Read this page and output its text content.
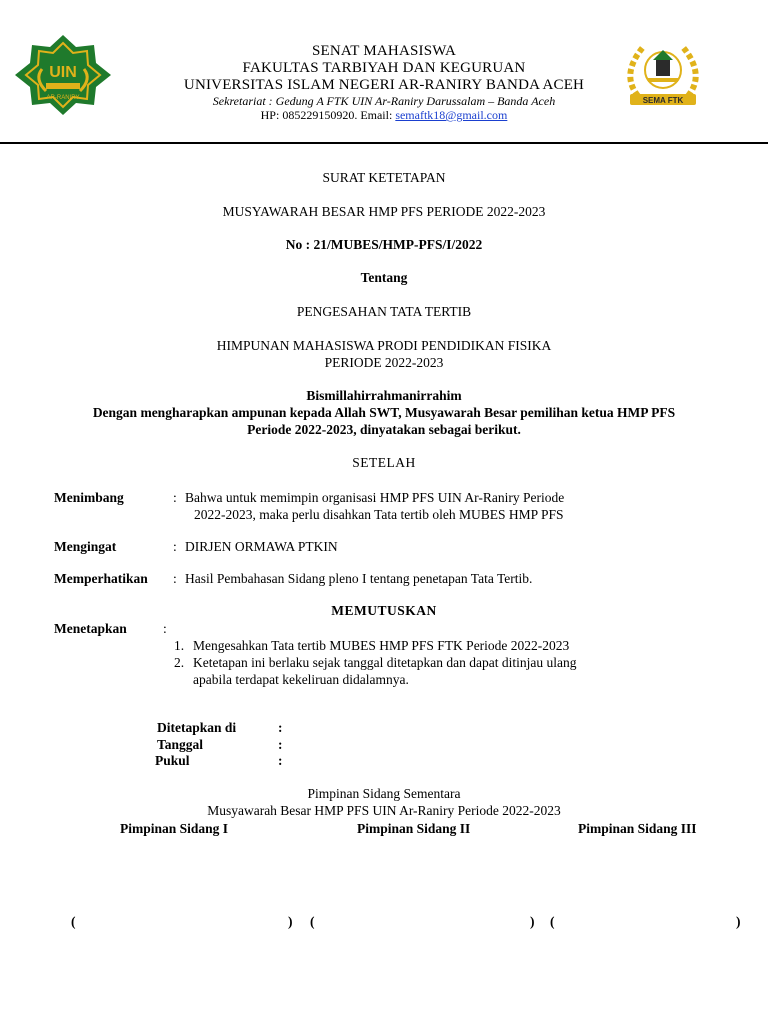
UIN
AR-RANIRY	SEMA FTK
SENAT MAHASISWA
FAKULTAS TARBIYAH DAN KEGURUAN
UNIVERSITAS ISLAM NEGERI AR-RANIRY BANDA ACEH
Sekretariat : Gedung A FTK UIN Ar-Raniry Darussalam – Banda Aceh
HP: 085229150920. Email: semaftk18@gmail.com
SURAT KETETAPAN
MUSYAWARAH BESAR HMP PFS PERIODE 2022-2023
No : 21/MUBES/HMP-PFS/I/2022
Tentang
PENGESAHAN TATA TERTIB
HIMPUNAN MAHASISWA PRODI PENDIDIKAN FISIKA
PERIODE 2022-2023
Bismillahirrahmanirrahim
Dengan mengharapkan ampunan kepada Allah SWT, Musyawarah Besar pemilihan ketua HMP PFS
Periode 2022-2023, dinyatakan sebagai berikut.
SETELAH
Menimbang	: Bahwa untuk memimpin organisasi HMP PFS UIN Ar-Raniry Periode
2022-2023, maka perlu disahkan Tata tertib oleh MUBES HMP PFS
Mengingat	: DIRJEN ORMAWA PTKIN
Memperhatikan : Hasil Pembahasan Sidang pleno I tentang penetapan Tata Tertib.
MEMUTUSKAN
Menetapkan	:
1. Mengesahkan Tata tertib MUBES HMP PFS FTK Periode 2022-2023
2. Ketetapan ini berlaku sejak tanggal ditetapkan dan dapat ditinjau ulang
apabila terdapat kekeliruan didalamnya.
Ditetapkan di	:
Tanggal	:
Pukul	:
Pimpinan Sidang Sementara
Musyawarah Besar HMP PFS UIN Ar-Raniry Periode 2022-2023
Pimpinan Sidang I	Pimpinan Sidang II	Pimpinan Sidang III
(	) (	) (	)
